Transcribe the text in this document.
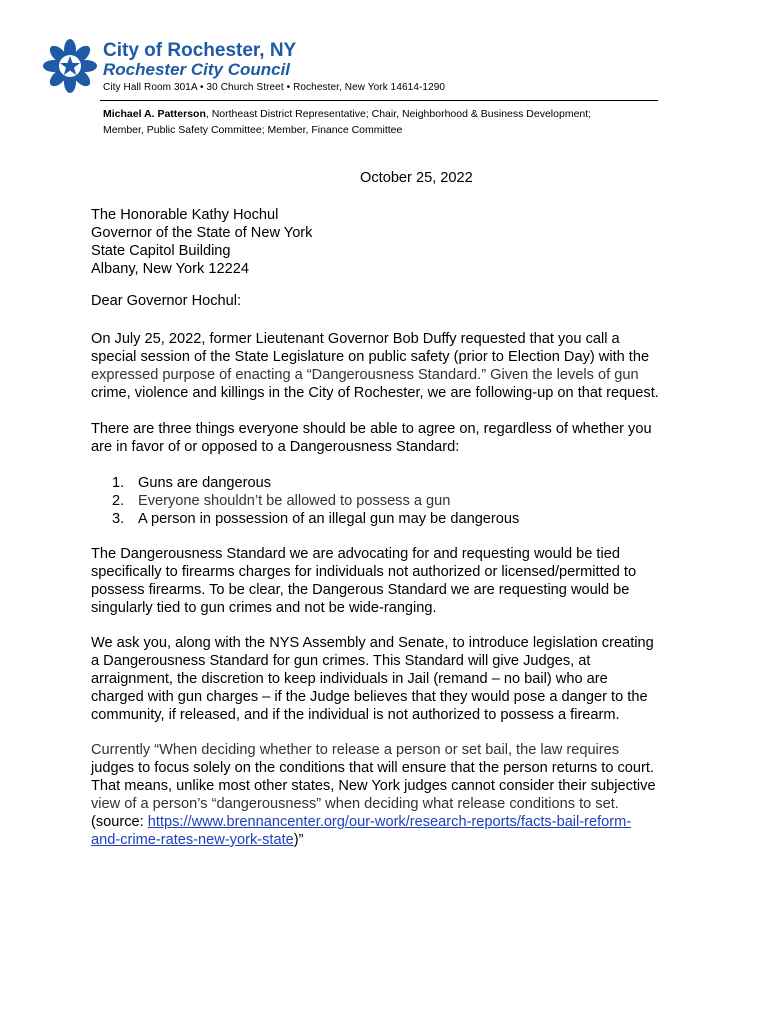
City of Rochester, NY
Rochester City Council
City Hall Room 301A • 30 Church Street • Rochester, New York 14614-1290
Michael A. Patterson, Northeast District Representative; Chair, Neighborhood & Business Development;
Member, Public Safety Committee; Member, Finance Committee
October 25, 2022
The Honorable Kathy Hochul
Governor of the State of New York
State Capitol Building
Albany, New York 12224
Dear Governor Hochul:
On July 25, 2022, former Lieutenant Governor Bob Duffy requested that you call a
special session of the State Legislature on public safety (prior to Election Day) with the
expressed purpose of enacting a “Dangerousness Standard.” Given the levels of gun
crime, violence and killings in the City of Rochester, we are following-up on that request.
There are three things everyone should be able to agree on, regardless of whether you
are in favor of or opposed to a Dangerousness Standard:
1. Guns are dangerous
2. Everyone shouldn’t be allowed to possess a gun
3. A person in possession of an illegal gun may be dangerous
The Dangerousness Standard we are advocating for and requesting would be tied
specifically to firearms charges for individuals not authorized or licensed/permitted to
possess firearms. To be clear, the Dangerous Standard we are requesting would be
singularly tied to gun crimes and not be wide-ranging.
We ask you, along with the NYS Assembly and Senate, to introduce legislation creating
a Dangerousness Standard for gun crimes. This Standard will give Judges, at
arraignment, the discretion to keep individuals in Jail (remand – no bail) who are
charged with gun charges – if the Judge believes that they would pose a danger to the
community, if released, and if the individual is not authorized to possess a firearm.
Currently “When deciding whether to release a person or set bail, the law requires
judges to focus solely on the conditions that will ensure that the person returns to court.
That means, unlike most other states, New York judges cannot consider their subjective
view of a person’s “dangerousness” when deciding what release conditions to set.
(source: https://www.brennancenter.org/our-work/research-reports/facts-bail-reform-
and-crime-rates-new-york-state)”
